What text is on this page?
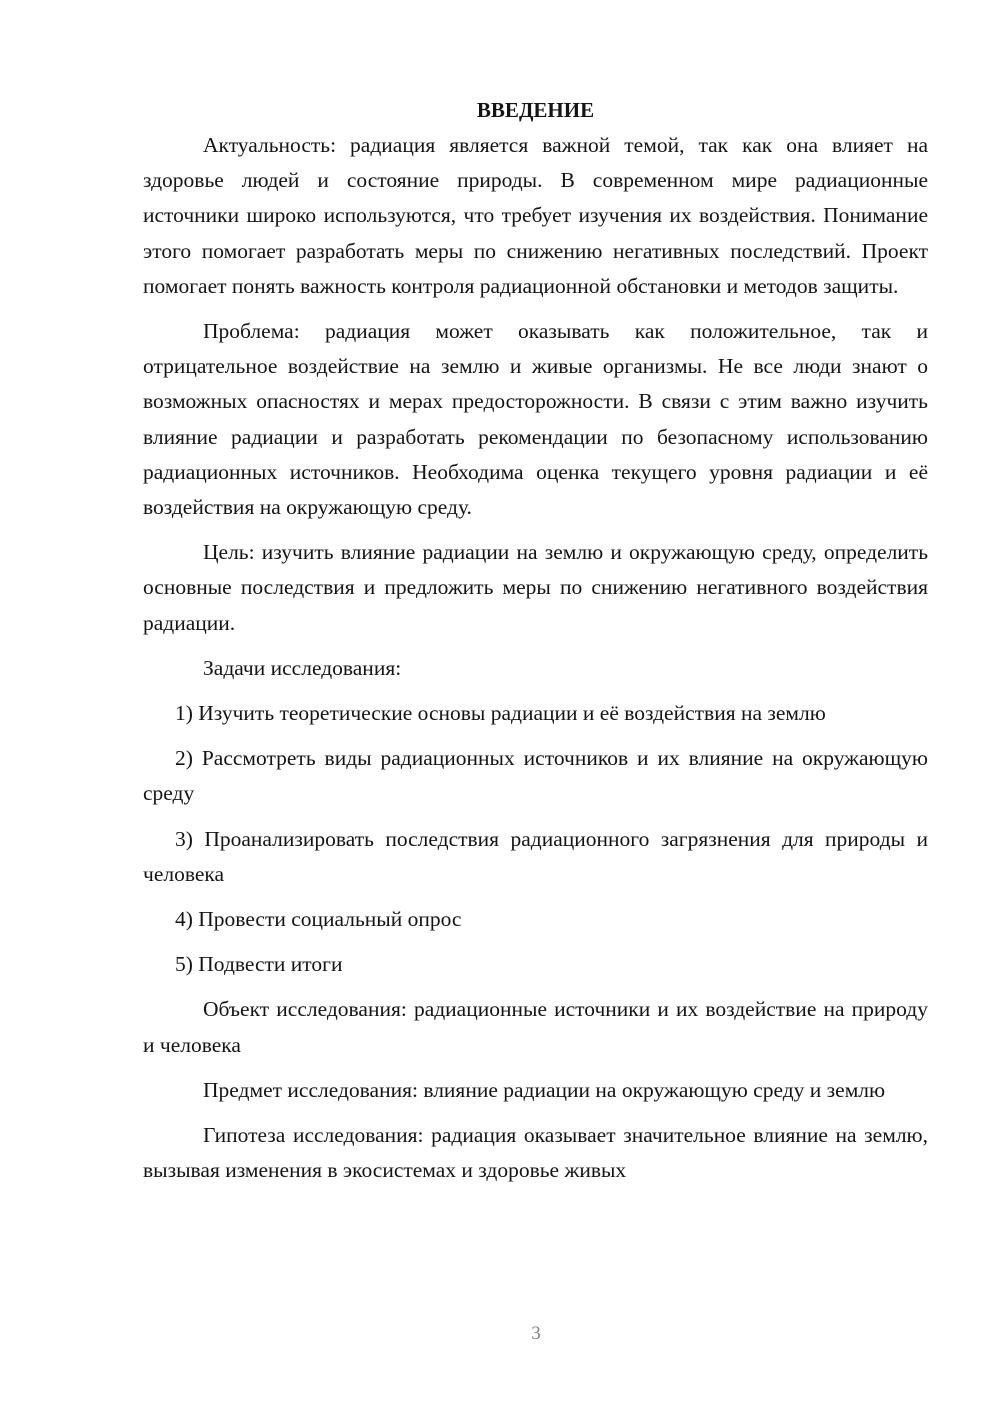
ВВЕДЕНИЕ

Актуальность: радиация является важной темой, так как она влияет на здоровье людей и состояние природы. В современном мире радиационные источники широко используются, что требует изучения их воздействия. Понимание этого помогает разработать меры по снижению негативных последствий. Проект помогает понять важность контроля радиационной обстановки и методов защиты.

Проблема: радиация может оказывать как положительное, так и отрицательное воздействие на землю и живые организмы. Не все люди знают о возможных опасностях и мерах предосторожности. В связи с этим важно изучить влияние радиации и разработать рекомендации по безопасному использованию радиационных источников. Необходима оценка текущего уровня радиации и её воздействия на окружающую среду.

Цель: изучить влияние радиации на землю и окружающую среду, определить основные последствия и предложить меры по снижению негативного воздействия радиации.

Задачи исследования:

1) Изучить теоретические основы радиации и её воздействия на землю

2) Рассмотреть виды радиационных источников и их влияние на окружающую среду

3) Проанализировать последствия радиационного загрязнения для природы и человека

4) Провести социальный опрос

5) Подвести итоги

Объект исследования: радиационные источники и их воздействие на природу и человека

Предмет исследования: влияние радиации на окружающую среду и землю

Гипотеза исследования: радиация оказывает значительное влияние на землю, вызывая изменения в экосистемах и здоровье живых

3
